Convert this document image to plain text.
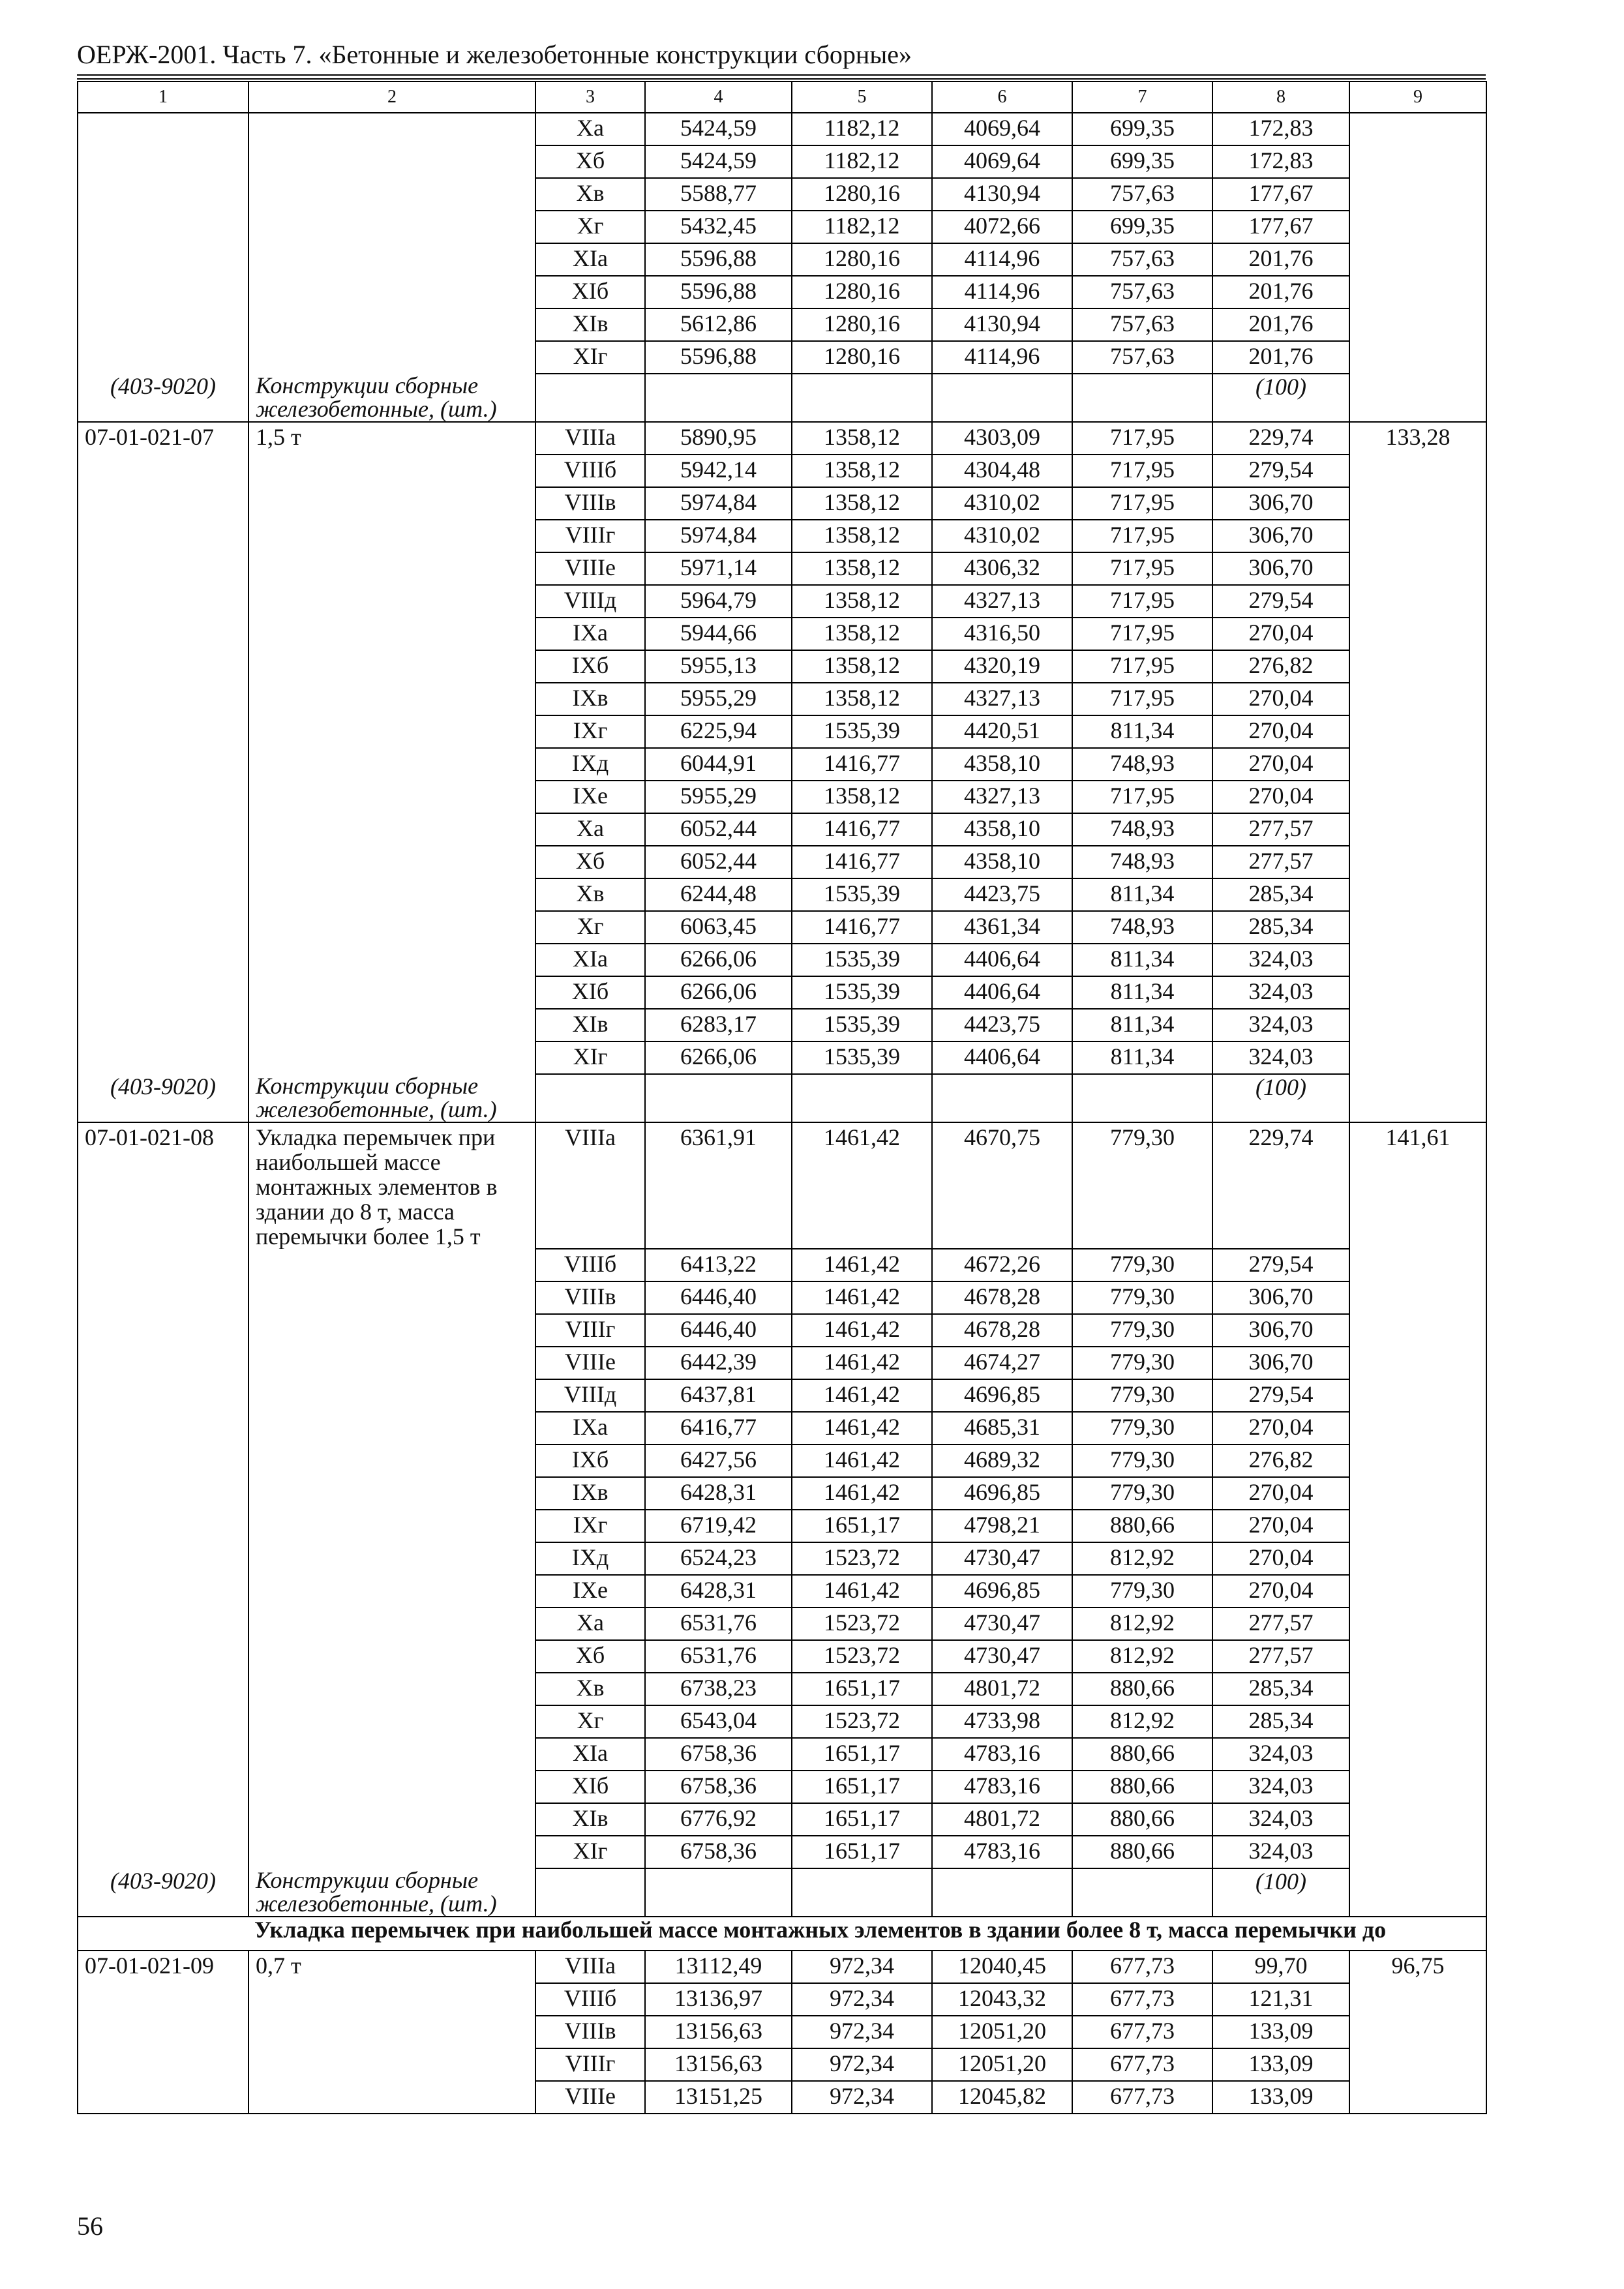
ОЕРЖ-2001. Часть 7. «Бетонные и железобетонные конструкции сборные»
1	2	3	4	5	6	7	8	9
		Ха	5424,59	1182,12	4069,64	699,35	172,83	
		Хб	5424,59	1182,12	4069,64	699,35	172,83	
		Хв	5588,77	1280,16	4130,94	757,63	177,67	
		Хг	5432,45	1182,12	4072,66	699,35	177,67	
		ХIа	5596,88	1280,16	4114,96	757,63	201,76	
		ХIб	5596,88	1280,16	4114,96	757,63	201,76	
		ХIв	5612,86	1280,16	4130,94	757,63	201,76	
		ХIг	5596,88	1280,16	4114,96	757,63	201,76	
(403-9020)	Конструкции сборные железобетонные, (шт.)						(100)	
07-01-021-07	1,5 т	VIIIа	5890,95	1358,12	4303,09	717,95	229,74	133,28
		VIIIб	5942,14	1358,12	4304,48	717,95	279,54	
		VIIIв	5974,84	1358,12	4310,02	717,95	306,70	
		VIIIг	5974,84	1358,12	4310,02	717,95	306,70	
		VIIIе	5971,14	1358,12	4306,32	717,95	306,70	
		VIIIд	5964,79	1358,12	4327,13	717,95	279,54	
		IХа	5944,66	1358,12	4316,50	717,95	270,04	
		IХб	5955,13	1358,12	4320,19	717,95	276,82	
		IХв	5955,29	1358,12	4327,13	717,95	270,04	
		IХг	6225,94	1535,39	4420,51	811,34	270,04	
		IХд	6044,91	1416,77	4358,10	748,93	270,04	
		IХе	5955,29	1358,12	4327,13	717,95	270,04	
		Ха	6052,44	1416,77	4358,10	748,93	277,57	
		Хб	6052,44	1416,77	4358,10	748,93	277,57	
		Хв	6244,48	1535,39	4423,75	811,34	285,34	
		Хг	6063,45	1416,77	4361,34	748,93	285,34	
		ХIа	6266,06	1535,39	4406,64	811,34	324,03	
		ХIб	6266,06	1535,39	4406,64	811,34	324,03	
		ХIв	6283,17	1535,39	4423,75	811,34	324,03	
		ХIг	6266,06	1535,39	4406,64	811,34	324,03	
(403-9020)	Конструкции сборные железобетонные, (шт.)						(100)	
07-01-021-08	Укладка перемычек при наибольшей массе монтажных элементов в здании до 8 т, масса перемычки более 1,5 т	VIIIа	6361,91	1461,42	4670,75	779,30	229,74	141,61
		VIIIб	6413,22	1461,42	4672,26	779,30	279,54	
		VIIIв	6446,40	1461,42	4678,28	779,30	306,70	
		VIIIг	6446,40	1461,42	4678,28	779,30	306,70	
		VIIIе	6442,39	1461,42	4674,27	779,30	306,70	
		VIIIд	6437,81	1461,42	4696,85	779,30	279,54	
		IХа	6416,77	1461,42	4685,31	779,30	270,04	
		IХб	6427,56	1461,42	4689,32	779,30	276,82	
		IХв	6428,31	1461,42	4696,85	779,30	270,04	
		IХг	6719,42	1651,17	4798,21	880,66	270,04	
		IХд	6524,23	1523,72	4730,47	812,92	270,04	
		IХе	6428,31	1461,42	4696,85	779,30	270,04	
		Ха	6531,76	1523,72	4730,47	812,92	277,57	
		Хб	6531,76	1523,72	4730,47	812,92	277,57	
		Хв	6738,23	1651,17	4801,72	880,66	285,34	
		Хг	6543,04	1523,72	4733,98	812,92	285,34	
		ХIа	6758,36	1651,17	4783,16	880,66	324,03	
		ХIб	6758,36	1651,17	4783,16	880,66	324,03	
		ХIв	6776,92	1651,17	4801,72	880,66	324,03	
		ХIг	6758,36	1651,17	4783,16	880,66	324,03	
(403-9020)	Конструкции сборные железобетонные, (шт.)						(100)	
Укладка перемычек при наибольшей массе монтажных элементов в здании более 8 т, масса перемычки до								
07-01-021-09	0,7 т	VIIIа	13112,49	972,34	12040,45	677,73	99,70	96,75
		VIIIб	13136,97	972,34	12043,32	677,73	121,31	
		VIIIв	13156,63	972,34	12051,20	677,73	133,09	
		VIIIг	13156,63	972,34	12051,20	677,73	133,09	
		VIIIе	13151,25	972,34	12045,82	677,73	133,09	
56
